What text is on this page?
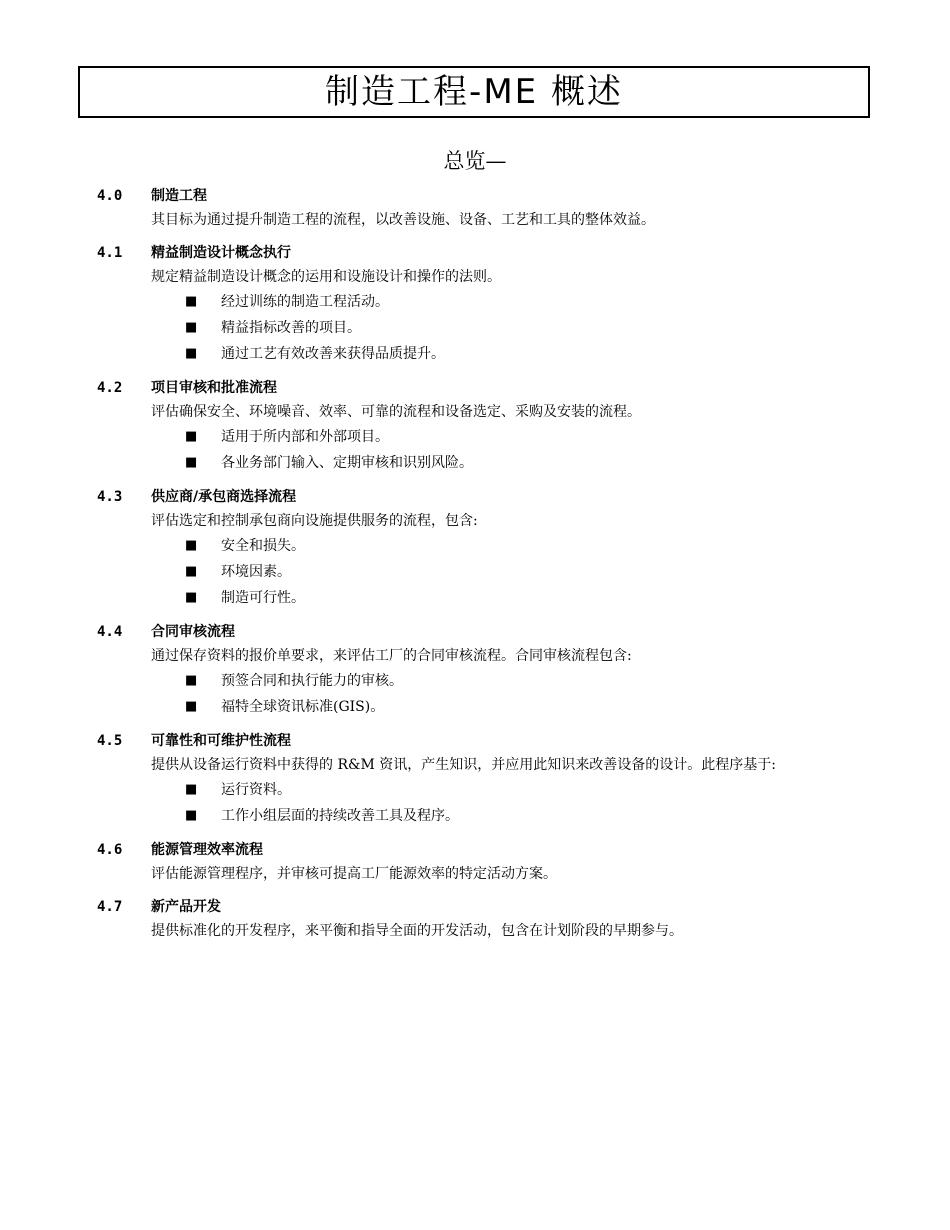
制造工程-ME 概述
总览—
4.0	制造工程
其目标为通过提升制造工程的流程，以改善设施、设备、工艺和工具的整体效益。
4.1	精益制造设计概念执行
规定精益制造设计概念的运用和设施设计和操作的法则。
■	经过训练的制造工程活动。
■	精益指标改善的项目。
■	通过工艺有效改善来获得品质提升。
4.2	项目审核和批准流程
评估确保安全、环境噪音、效率、可靠的流程和设备选定、采购及安装的流程。
■	适用于所内部和外部项目。
■	各业务部门输入、定期审核和识别风险。
4.3	供应商/承包商选择流程
评估选定和控制承包商向设施提供服务的流程，包含:
■	安全和损失。
■	环境因素。
■	制造可行性。
4.4	合同审核流程
通过保存资料的报价单要求，来评估工厂的合同审核流程。合同审核流程包含:
■	预签合同和执行能力的审核。
■	福特全球资讯标准(GIS)。
4.5	可靠性和可维护性流程
提供从设备运行资料中获得的 R&M 资讯，产生知识，并应用此知识来改善设备的设计。此程序基于:
■	运行资料。
■	工作小组层面的持续改善工具及程序。
4.6	能源管理效率流程
评估能源管理程序，并审核可提高工厂能源效率的特定活动方案。
4.7	新产品开发
提供标准化的开发程序，来平衡和指导全面的开发活动，包含在计划阶段的早期参与。
